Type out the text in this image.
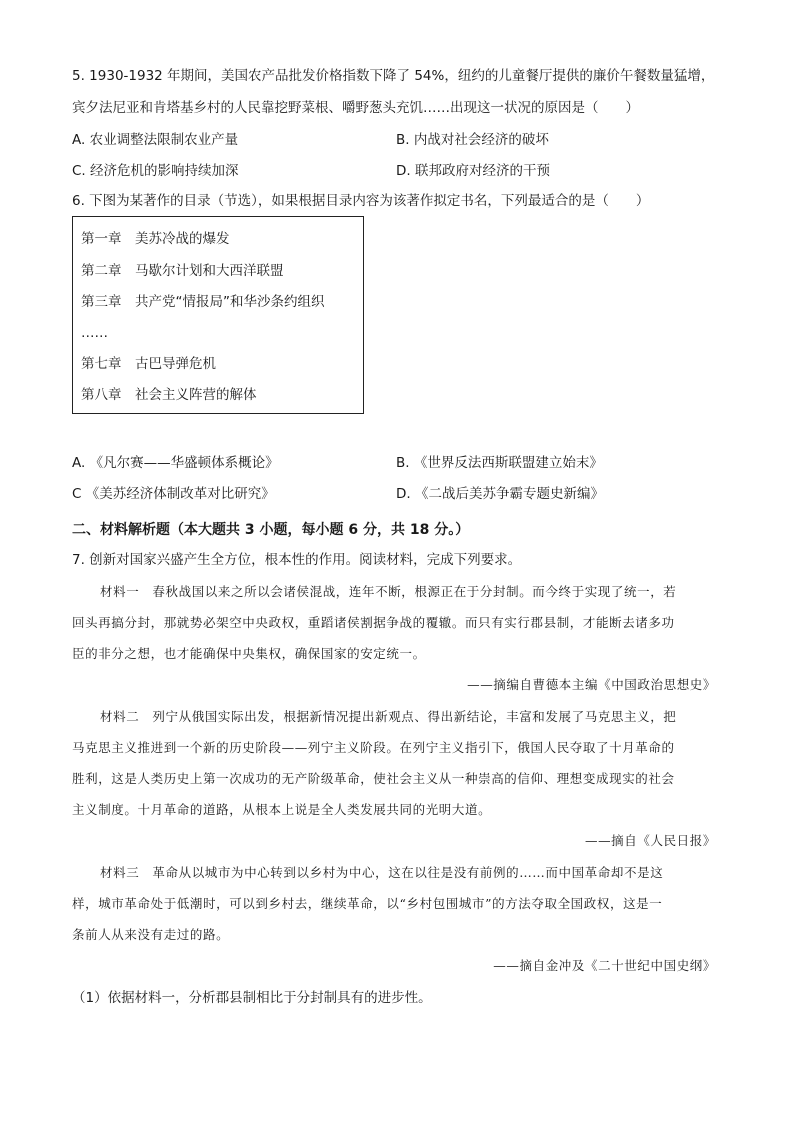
5. 1930-1932 年期间，美国农产品批发价格指数下降了 54%，纽约的儿童餐厅提供的廉价午餐数量猛增，
宾夕法尼亚和肯塔基乡村的人民靠挖野菜根、嚼野葱头充饥……出现这一状况的原因是（　　）
A. 农业调整法限制农业产量	B. 内战对社会经济的破坏
C. 经济危机的影响持续加深	D. 联邦政府对经济的干预
6. 下图为某著作的目录（节选），如果根据目录内容为该著作拟定书名，下列最适合的是（　　）
第一章　美苏冷战的爆发
第二章　马歇尔计划和大西洋联盟
第三章　共产党“情报局”和华沙条约组织
……
第七章　古巴导弹危机
第八章　社会主义阵营的解体
A. 《凡尔赛——华盛顿体系概论》	B. 《世界反法西斯联盟建立始末》
C 《美苏经济体制改革对比研究》	D. 《二战后美苏争霸专题史新编》
二、材料解析题（本大题共 3 小题，每小题 6 分，共 18 分。）
7. 创新对国家兴盛产生全方位，根本性的作用。阅读材料，完成下列要求。
材料一　春秋战国以来之所以会诸侯混战，连年不断，根源正在于分封制。而今终于实现了统一，若
回头再搞分封，那就势必架空中央政权，重蹈诸侯割据争战的覆辙。而只有实行郡县制，才能断去诸多功
臣的非分之想，也才能确保中央集权，确保国家的安定统一。
——摘编自曹德本主编《中国政治思想史》
材料二　列宁从俄国实际出发，根据新情况提出新观点、得出新结论，丰富和发展了马克思主义，把
马克思主义推进到一个新的历史阶段——列宁主义阶段。在列宁主义指引下，俄国人民夺取了十月革命的
胜利，这是人类历史上第一次成功的无产阶级革命，使社会主义从一种崇高的信仰、理想变成现实的社会
主义制度。十月革命的道路，从根本上说是全人类发展共同的光明大道。
——摘自《人民日报》
材料三　革命从以城市为中心转到以乡村为中心，这在以往是没有前例的……而中国革命却不是这
样，城市革命处于低潮时，可以到乡村去，继续革命，以“乡村包围城市”的方法夺取全国政权，这是一
条前人从来没有走过的路。
——摘自金冲及《二十世纪中国史纲》
（1）依据材料一，分析郡县制相比于分封制具有的进步性。
